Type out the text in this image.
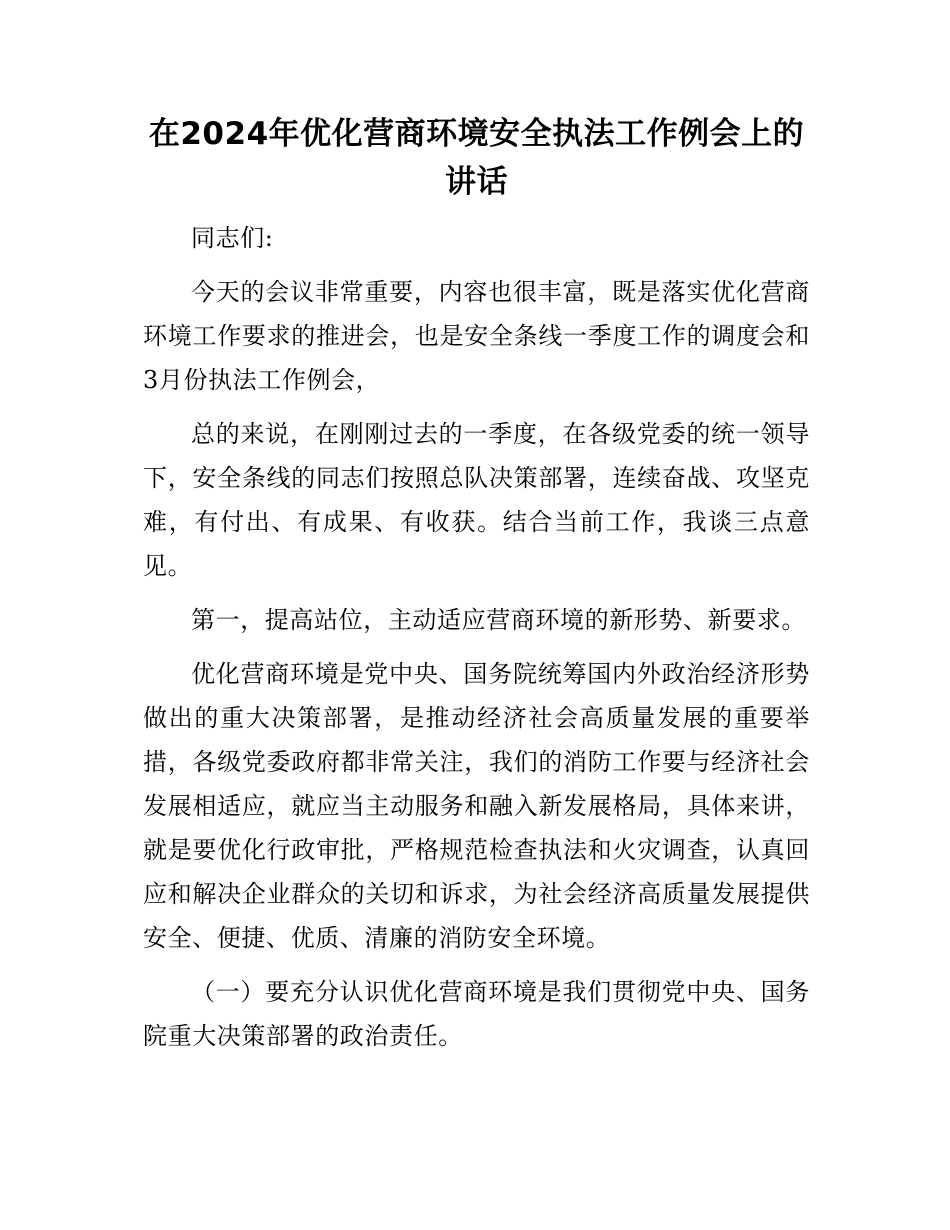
在2024年优化营商环境安全执法工作例会上的讲话

同志们:

今天的会议非常重要，内容也很丰富，既是落实优化营商环境工作要求的推进会，也是安全条线一季度工作的调度会和3月份执法工作例会，

总的来说，在刚刚过去的一季度，在各级党委的统一领导下，安全条线的同志们按照总队决策部署，连续奋战、攻坚克难，有付出、有成果、有收获。结合当前工作，我谈三点意见。

第一，提高站位，主动适应营商环境的新形势、新要求。

优化营商环境是党中央、国务院统筹国内外政治经济形势做出的重大决策部署，是推动经济社会高质量发展的重要举措，各级党委政府都非常关注，我们的消防工作要与经济社会发展相适应，就应当主动服务和融入新发展格局，具体来讲，就是要优化行政审批，严格规范检查执法和火灾调查，认真回应和解决企业群众的关切和诉求，为社会经济高质量发展提供安全、便捷、优质、清廉的消防安全环境。

（一）要充分认识优化营商环境是我们贯彻党中央、国务院重大决策部署的政治责任。
